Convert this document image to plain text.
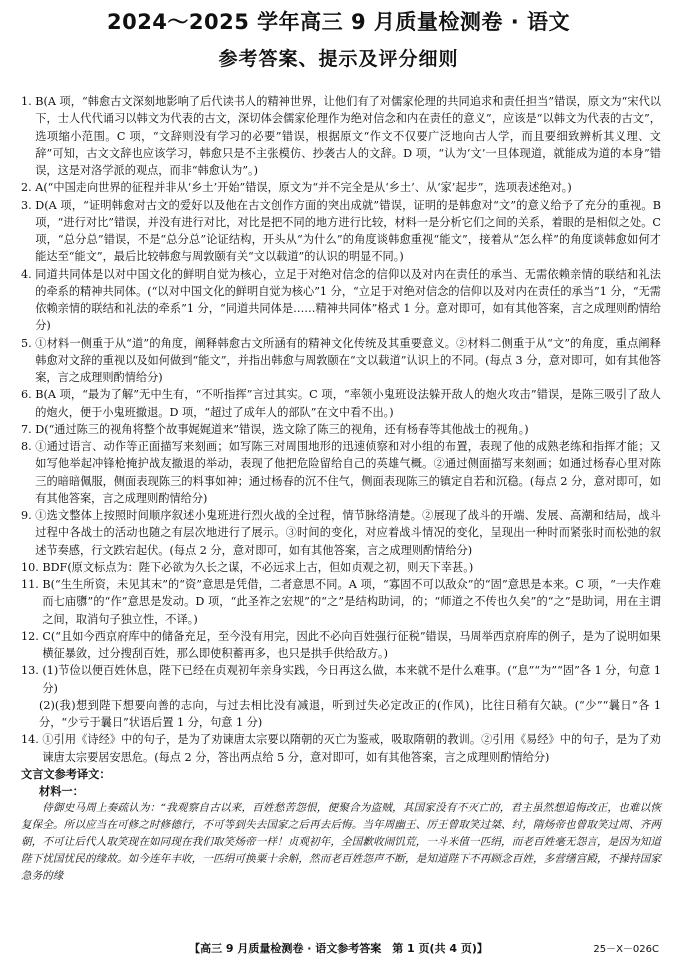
2024～2025 学年高三 9 月质量检测卷 · 语文
参考答案、提示及评分细则
1. B(A 项，“韩愈古文深刻地影响了后代读书人的精神世界，让他们有了对儒家伦理的共同追求和责任担当”错误，原文为“宋代以下，士人代代诵习以韩文为代表的古文，深切体会儒家伦理作为绝对信念和内在责任的意义”，应该是“以韩文为代表的古文”，选项缩小范围。C 项，“文辞则没有学习的必要”错误，根据原文“作文不仅要广泛地向古人学，而且要细致辨析其义理、文辞”可知，古文文辞也应该学习，韩愈只是不主张模仿、抄袭古人的文辞。D 项，“认为‘文’一旦体现道，就能成为道的本身”错误，这是对洛学派的观点，而非“韩愈认为”。)
2. A(“中国走向世界的征程并非从‘乡土’开始”错误，原文为“并不完全是从‘乡土’、从‘家’起步”，选项表述绝对。)
3. D(A 项，“证明韩愈对古文的爱好以及他在古文创作方面的突出成就”错误，证明的是韩愈对“文”的意义给予了充分的重视。B 项，“进行对比”错误，并没有进行对比，对比是把不同的地方进行比较，材料一是分析它们之间的关系，着眼的是相似之处。C 项，“总分总”错误，不是“总分总”论证结构，开头从“为什么”的角度谈韩愈重视“能文”，接着从“怎么样”的角度谈韩愈如何才能达至“能文”，最后比较韩愈与周敦颐有关“文以载道”的认识的明显不同。)
4. 同道共同体是以对中国文化的鲜明自觉为核心，立足于对绝对信念的信仰以及对内在责任的承当、无需依赖亲情的联结和礼法的牵系的精神共同体。(“以对中国文化的鲜明自觉为核心”1 分，“立足于对绝对信念的信仰以及对内在责任的承当”1 分，“无需依赖亲情的联结和礼法的牵系”1 分，“同道共同体是……精神共同体”格式 1 分。意对即可，如有其他答案，言之成理则酌情给分)
5. ①材料一侧重于从“道”的角度，阐释韩愈古文所涵有的精神文化传统及其重要意义。②材料二侧重于从“文”的角度，重点阐释韩愈对文辞的重视以及如何做到“能文”，并指出韩愈与周敦颐在“文以载道”认识上的不同。(每点 3 分，意对即可，如有其他答案，言之成理则酌情给分)
6. B(A 项，“最为了解”无中生有，“不听指挥”言过其实。C 项，“率领小鬼班设法躲开敌人的炮火攻击”错误，是陈三吸引了敌人的炮火，便于小鬼班撤退。D 项，“超过了成年人的部队”在文中看不出。)
7. D(“通过陈三的视角将整个故事娓娓道来”错误，选文除了陈三的视角，还有杨春等其他战士的视角。)
8. ①通过语言、动作等正面描写来刻画；如写陈三对周围地形的迅速侦察和对小组的布置，表现了他的成熟老练和指挥才能；又如写他举起冲锋枪掩护战友撤退的举动，表现了他把危险留给自己的英雄气概。②通过侧面描写来刻画；如通过杨春心里对陈三的暗暗佩服，侧面表现陈三的料事如神；通过杨春的沉不住气，侧面表现陈三的镇定自若和沉稳。(每点 2 分，意对即可，如有其他答案，言之成理则酌情给分)
9. ①选文整体上按照时间顺序叙述小鬼班进行烈火战的全过程，情节脉络清楚。②展现了战斗的开端、发展、高潮和结局，战斗过程中各战士的活动也随之有层次地进行了展示。③时间的变化，对应着战斗情况的变化，呈现出一种时而紧张时而松弛的叙述节奏感，行文跌宕起伏。(每点 2 分，意对即可，如有其他答案，言之成理则酌情给分)
10. BDF(原文标点为：陛下必欲为久长之谋，不必远求上古，但如贞观之初，则天下幸甚。)
11. B(“生生所资，未见其末”的“资”意思是凭借，二者意思不同。A 项，“寡固不可以敌众”的“固”意思是本来。C 项，“一夫作难而七庙隳”的“作”意思是发动。D 项，“此圣祚之宏规”的“之”是结构助词，的；“师道之不传也久矣”的“之”是助词，用在主谓之间，取消句子独立性，不译。)
12. C(“且如今西京府库中的储备充足，至今没有用完，因此不必向百姓强行征税”错误，马周举西京府库的例子，是为了说明如果横征暴敛，过分搜刮百姓，那么即使积蓄再多，也只是拱手供给敌方。)
13. (1)节俭以便百姓休息，陛下已经在贞观初年亲身实践，今日再这么做，本来就不是什么难事。(“息”“为”“固”各 1 分，句意 1 分)
(2)(我)想到陛下想要向善的志向，与过去相比没有减退，听到过失必定改正的(作风)，比往日稍有欠缺。(“少”“曩日”各 1 分，“少亏于曩日”状语后置 1 分，句意 1 分)
14. ①引用《诗经》中的句子，是为了劝谏唐太宗要以隋朝的灭亡为鉴戒，吸取隋朝的教训。②引用《易经》中的句子，是为了劝谏唐太宗要居安思危。(每点 2 分，答出两点给 5 分，意对即可，如有其他答案，言之成理则酌情给分)
文言文参考译文：
材料一：
侍御史马周上奏疏认为：“我观察自古以来，百姓愁苦怨恨，便聚合为盗贼，其国家没有不灭亡的，君主虽然想追悔改正，也难以恢复保全。所以应当在可修之时修德行，不可等到失去国家之后再去后悔。当年周幽王、厉王曾取笑过桀、纣，隋炀帝也曾取笑过周、齐两朝，不可让后代人取笑现在如同现在我们取笑炀帝一样！贞观初年，全国歉收闹饥荒，一斗米值一匹绢，而老百姓毫无怨言，是因为知道陛下忧国忧民的缘故。如今连年丰收，一匹绢可换粟十余斛，然而老百姓怨声不断，是知道陛下不再顾念百姓，多营缮宫殿，不操持国家急务的缘
【高三 9 月质量检测卷 · 语文参考答案　第 1 页(共 4 页)】	25－X－026C
